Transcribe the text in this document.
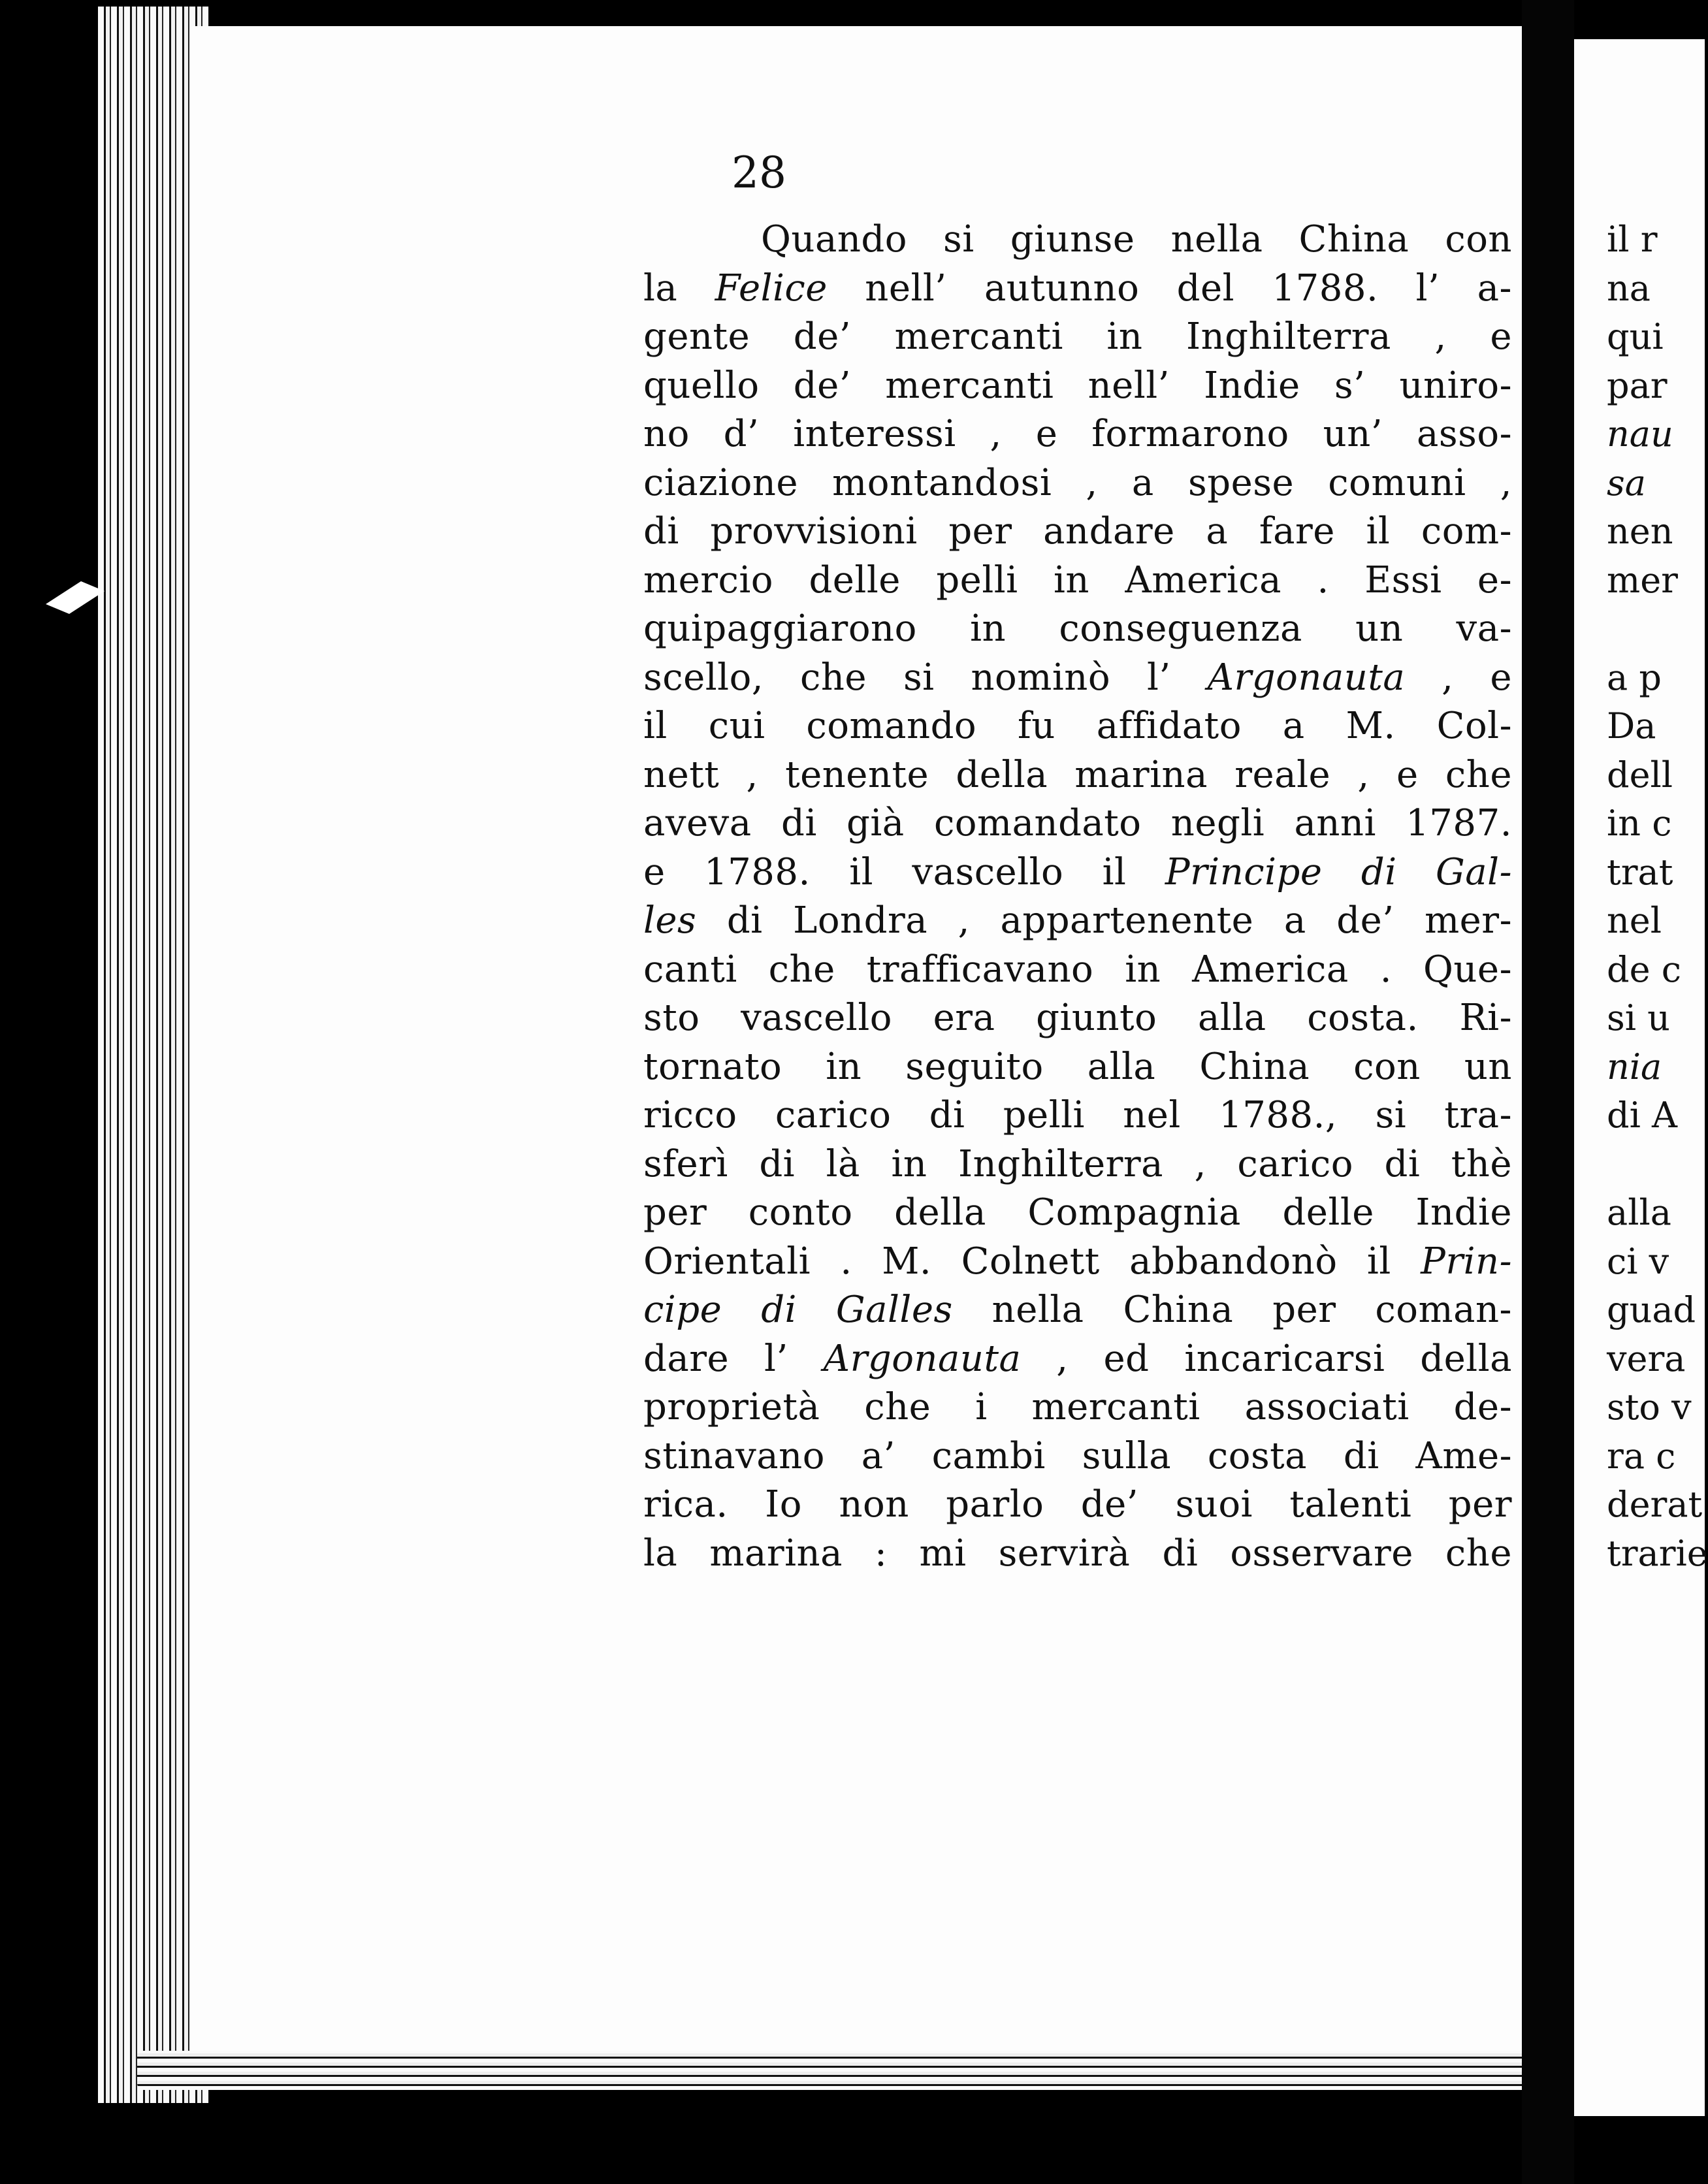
28
Quando si giunse nella China con
la Felice nell’ autunno del 1788. l’ a-
gente de’ mercanti in Inghilterra , e
quello de’ mercanti nell’ Indie s’ uniro-
no d’ interessi , e formarono un’ asso-
ciazione montandosi , a spese comuni ,
di provvisioni per andare a fare il com-
mercio delle pelli in America . Essi e-
quipaggiarono in conseguenza un va-
scello, che si nominò l’ Argonauta , e
il cui comando fu affidato a M. Col-
nett , tenente della marina reale , e che
aveva di già comandato negli anni 1787.
e 1788. il vascello il Principe di Gal-
les di Londra , appartenente a de’ mer-
canti che trafficavano in America . Que-
sto vascello era giunto alla costa. Ri-
tornato in seguito alla China con un
ricco carico di pelli nel 1788., si tra-
sferì di là in Inghilterra , carico di thè
per conto della Compagnia delle Indie
Orientali . M. Colnett abbandonò il Prin-
cipe di Galles nella China per coman-
dare l’ Argonauta , ed incaricarsi della
proprietà che i mercanti associati de-
stinavano a’ cambi sulla costa di Ame-
rica. Io non parlo de’ suoi talenti per
la marina : mi servirà di osservare che
il r
na
qui
par
nau
sa
nen
mer
a p
Da
dell
in c
trat
nel
de c
si u
nia
di A
alla
ci v
guad
vera
sto v
ra c
derat
trarie
